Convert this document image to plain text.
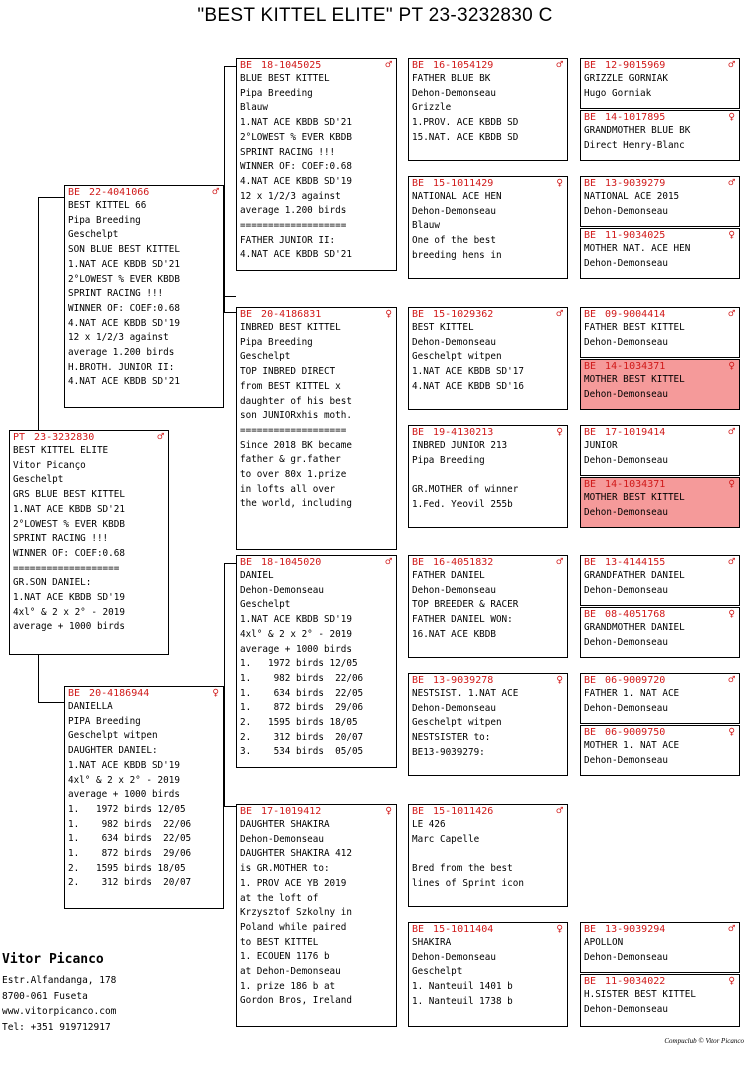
"BEST KITTEL ELITE" PT 23-3232830 C
PT 23-3232830	♂
BEST KITTEL ELITE
Vitor Picanço
Geschelpt
GRS BLUE BEST KITTEL
1.NAT ACE KBDB SD'21
2°LOWEST % EVER KBDB
SPRINT RACING !!!
WINNER OF: COEF:0.68
===================
GR.SON DANIEL:
1.NAT ACE KBDB SD'19
4xl° & 2 x 2° - 2019
average + 1000 birds
BE 22-4041066	♂
BEST KITTEL 66
Pipa Breeding
Geschelpt
SON BLUE BEST KITTEL
1.NAT ACE KBDB SD'21
2°LOWEST % EVER KBDB
SPRINT RACING !!!
WINNER OF: COEF:0.68
4.NAT ACE KBDB SD'19
12 x 1/2/3 against
average 1.200 birds
H.BROTH. JUNIOR II:
4.NAT ACE KBDB SD'21
BE 20-4186944	♀
DANIELLA
PIPA Breeding
Geschelpt witpen
DAUGHTER DANIEL:
1.NAT ACE KBDB SD'19
4xl° & 2 x 2° - 2019
average + 1000 birds
1.   1972 birds 12/05
1.    982 birds  22/06
1.    634 birds  22/05
1.    872 birds  29/06
2.   1595 birds 18/05
2.    312 birds  20/07
BE 18-1045025	♂
BLUE BEST KITTEL
Pipa Breeding
Blauw
1.NAT ACE KBDB SD'21
2°LOWEST % EVER KBDB
SPRINT RACING !!!
WINNER OF: COEF:0.68
4.NAT ACE KBDB SD'19
12 x 1/2/3 against
average 1.200 birds
===================
FATHER JUNIOR II:
4.NAT ACE KBDB SD'21
BE 20-4186831	♀
INBRED BEST KITTEL
Pipa Breeding
Geschelpt
TOP INBRED DIRECT
from BEST KITTEL x
daughter of his best
son JUNIORxhis moth.
===================
Since 2018 BK became
father & gr.father
to over 80x 1.prize
in lofts all over
the world, including
BE 18-1045020	♂
DANIEL
Dehon-Demonseau
Geschelpt
1.NAT ACE KBDB SD'19
4xl° & 2 x 2° - 2019
average + 1000 birds
1.   1972 birds 12/05
1.    982 birds  22/06
1.    634 birds  22/05
1.    872 birds  29/06
2.   1595 birds 18/05
2.    312 birds  20/07
3.    534 birds  05/05
BE 17-1019412	♀
DAUGHTER SHAKIRA
Dehon-Demonseau
DAUGHTER SHAKIRA 412
is GR.MOTHER to:
1. PROV ACE YB 2019
at the loft of
Krzysztof Szkolny in
Poland while paired
to BEST KITTEL
1. ECOUEN 1176 b
at Dehon-Demonseau
1. prize 186 b at
Gordon Bros, Ireland
BE 16-1054129	♂
FATHER BLUE BK
Dehon-Demonseau
Grizzle
1.PROV. ACE KBDB SD
15.NAT. ACE KBDB SD
BE 15-1011429	♀
NATIONAL ACE HEN
Dehon-Demonseau
Blauw
One of the best
breeding hens in
BE 15-1029362	♂
BEST KITTEL
Dehon-Demonseau
Geschelpt witpen
1.NAT ACE KBDB SD'17
4.NAT ACE KBDB SD'16
BE 19-4130213	♀
INBRED JUNIOR 213
Pipa Breeding

GR.MOTHER of winner
1.Fed. Yeovil 255b
BE 16-4051832	♂
FATHER DANIEL
Dehon-Demonseau
TOP BREEDER & RACER
FATHER DANIEL WON:
16.NAT ACE KBDB
BE 13-9039278	♀
NESTSIST. 1.NAT ACE
Dehon-Demonseau
Geschelpt witpen
NESTSISTER to:
BE13-9039279:
BE 15-1011426	♂
LE 426
Marc Capelle

Bred from the best
lines of Sprint icon
BE 15-1011404	♀
SHAKIRA
Dehon-Demonseau
Geschelpt
1. Nanteuil 1401 b
1. Nanteuil 1738 b
BE 12-9015969	♂
GRIZZLE GORNIAK
Hugo Gorniak
BE 14-1017895	♀
GRANDMOTHER BLUE BK
Direct Henry-Blanc
BE 13-9039279	♂
NATIONAL ACE 2015
Dehon-Demonseau
BE 11-9034025	♀
MOTHER NAT. ACE HEN
Dehon-Demonseau
BE 09-9004414	♂
FATHER BEST KITTEL
Dehon-Demonseau
BE 14-1034371	♀
MOTHER BEST KITTEL
Dehon-Demonseau
BE 17-1019414	♂
JUNIOR
Dehon-Demonseau
BE 14-1034371	♀
MOTHER BEST KITTEL
Dehon-Demonseau
BE 13-4144155	♂
GRANDFATHER DANIEL
Dehon-Demonseau
BE 08-4051768	♀
GRANDMOTHER DANIEL
Dehon-Demonseau
BE 06-9009720	♂
FATHER 1. NAT ACE
Dehon-Demonseau
BE 06-9009750	♀
MOTHER 1. NAT ACE
Dehon-Demonseau
BE 13-9039294	♂
APOLLON
Dehon-Demonseau
BE 11-9034022	♀
H.SISTER BEST KITTEL
Dehon-Demonseau
Vitor Picanco
Estr.Alfandanga, 178
8700-061 Fuseta
www.vitorpicanco.com
Tel: +351 919712917
Compuclub © Vitor Picanco
